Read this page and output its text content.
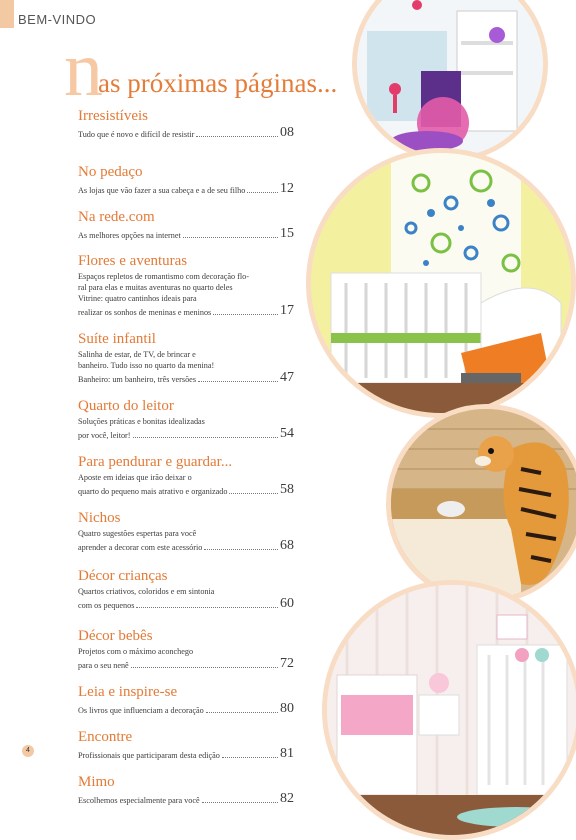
BEM-VINDO
n
as próximas páginas...
Irresistíveis
Tudo que é novo e difícil de resistir	08
No pedaço
As lojas que vão fazer a sua cabeça e a de seu filho 12
Na rede.com
As melhores opções na internet	15
Flores e aventuras
Espaços repletos de romantismo com decoração flo-
ral para elas e muitas aventuras no quarto deles
Vitrine: quatro cantinhos ideais para
realizar os sonhos de meninas e meninos	17
Suíte infantil
Salinha de estar, de TV, de brincar e
banheiro. Tudo isso no quarto da menina!
Banheiro: um banheiro, três versões	47
Quarto do leitor
Soluções práticas e bonitas idealizadas
por você, leitor!	54
Para pendurar e guardar...
Aposte em ideias que irão deixar o
quarto do pequeno mais atrativo e organizado	58
Nichos
Quatro sugestões espertas para você
aprender a decorar com este acessório	68
Décor crianças
Quartos criativos, coloridos e em sintonia
com os pequenos	60
Décor bebês
Projetos com o máximo aconchego
para o seu nenê	72
Leia e inspire-se
Os livros que influenciam a decoração	80
Encontre
Profissionais que participaram desta edição	81
Mimo
Escolhemos especialmente para você	82
4
